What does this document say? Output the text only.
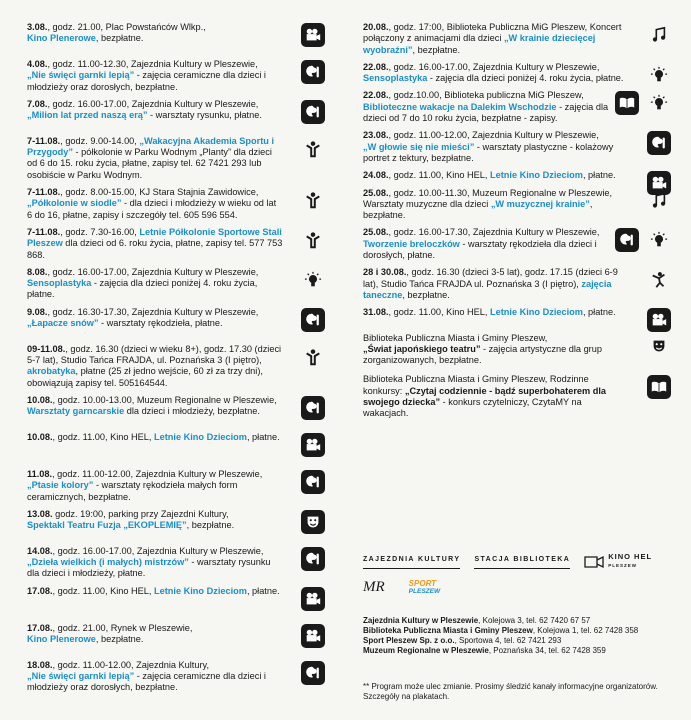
3.08., godz. 21.00, Plac Powstańców Wlkp.,
Kino Plenerowe, bezpłatne.
4.08., godz. 11.00-12.30, Zajezdnia Kultury w Pleszewie,
„Nie święci garnki lepią” - zajęcia ceramiczne dla dzieci i młodzieży oraz dorosłych, bezpłatne.
7.08., godz. 16.00-17.00, Zajezdnia Kultury w Pleszewie,
„Milion lat przed naszą erą” - warsztaty rysunku, płatne.
7-11.08., godz. 9.00-14.00, „Wakacyjna Akademia Sportu i Przygody” - półkolonie w Parku Wodnym „Planty” dla dzieci od 6 do 15. roku życia, płatne, zapisy tel. 62 7421 293 lub osobiście w Parku Wodnym.
7-11.08., godz. 8.00-15.00, KJ Stara Stajnia Zawidowice, „Półkolonie w siodle” - dla dzieci i młodzieży w wieku od lat 6 do 16, płatne, zapisy i szczegóły tel. 605 596 554.
7-11.08., godz. 7.30-16.00, Letnie Półkolonie Sportowe Stali Pleszew dla dzieci od 6. roku życia, płatne, zapisy tel. 577 753 868.
8.08., godz. 16.00-17.00, Zajezdnia Kultury w Pleszewie,
Sensoplastyka - zajęcia dla dzieci poniżej 4. roku życia, płatne.
9.08., godz. 16.30-17.30, Zajezdnia Kultury w Pleszewie,
„Łapacze snów” - warsztaty rękodzieła, płatne.
09-11.08., godz. 16.30 (dzieci w wieku 8+), godz. 17.30 (dzieci 5-7 lat), Studio Tańca FRAJDA, ul. Poznańska 3 (I piętro), akrobatyka, płatne (25 zł jedno wejście, 60 zł za trzy dni), obowiązują zapisy tel. 505164544.
10.08., godz. 10.00-13.00, Muzeum Regionalne w Pleszewie, Warsztaty garncarskie dla dzieci i młodzieży, bezpłatne.
10.08., godz. 11.00, Kino HEL, Letnie Kino Dzieciom, płatne.
11.08., godz. 11.00-12.00, Zajezdnia Kultury w Pleszewie,
„Ptasie kolory” - warsztaty rękodzieła małych form ceramicznych, bezpłatne.
13.08. godz. 19:00, parking przy Zajezdni Kultury,
Spektakl Teatru Fuzja „EKOPLEMIĘ”, bezpłatne.
14.08., godz. 16.00-17.00, Zajezdnia Kultury w Pleszewie,
„Dzieła wielkich (i małych) mistrzów” - warsztaty rysunku dla dzieci i młodzieży, płatne.
17.08., godz. 11.00, Kino HEL, Letnie Kino Dzieciom, płatne.
17.08., godz. 21.00, Rynek w Pleszewie,
Kino Plenerowe, bezpłatne.
18.08., godz. 11.00-12.00, Zajezdnia Kultury,
„Nie święci garnki lepią” - zajęcia ceramiczne dla dzieci i młodzieży oraz dorosłych, bezpłatne.
20.08., godz. 17:00, Biblioteka Publiczna MiG Pleszew, Koncert połączony z animacjami dla dzieci „W krainie dziecięcej wyobraźni”, bezpłatne.
22.08., godz. 16.00-17.00, Zajezdnia Kultury w Pleszewie,
Sensoplastyka - zajęcia dla dzieci poniżej 4. roku życia, płatne.
22.08., godz.10.00, Biblioteka publiczna MiG Pleszew,
Biblioteczne wakacje na Dalekim Wschodzie - zajęcia dla dzieci od 7 do 10 roku życia, bezpłatne - zapisy.
23.08., godz. 11.00-12.00, Zajezdnia Kultury w Pleszewie,
„W głowie się nie mieści” - warsztaty plastyczne - kolażowy portret z tektury, bezpłatne.
24.08., godz. 11.00, Kino HEL, Letnie Kino Dzieciom, płatne.
25.08., godz. 10.00-11.30, Muzeum Regionalne w Pleszewie, Warsztaty muzyczne dla dzieci „W muzycznej krainie”, bezpłatne.
25.08., godz. 16.00-17.30, Zajezdnia Kultury w Pleszewie, Tworzenie breloczków - warsztaty rękodzieła dla dzieci i dorosłych, płatne.
28 i 30.08., godz. 16.30 (dzieci 3-5 lat), godz. 17.15 (dzieci 6-9 lat), Studio Tańca FRAJDA ul. Poznańska 3 (I piętro), zajęcia taneczne, bezpłatne.
31.08., godz. 11.00, Kino HEL, Letnie Kino Dzieciom, płatne.
Biblioteka Publiczna Miasta i Gminy Pleszew,
„Świat japońskiego teatru” - zajęcia artystyczne dla grup zorganizowanych, bezpłatne.
Biblioteka Publiczna Miasta i Gminy Pleszew, Rodzinne konkursy: „Czytaj codziennie - bądź superbohaterem dla swojego dziecka” - konkurs czytelniczy, CzytaMY na wakacjach.
ZAJEZDNIA KULTURY STACJA BIBLIOTEKA	KINO HEL
PLESZEW
MR	SPORT
PLESZEW
Zajezdnia Kultury w Pleszewie, Kolejowa 3, tel. 62 7420 67 57
Biblioteka Publiczna Miasta i Gminy Pleszew, Kolejowa 1, tel. 62 7428 358
Sport Pleszew Sp. z o.o., Sportowa 4, tel. 62 7421 293
Muzeum Regionalne w Pleszewie, Poznańska 34, tel. 62 7428 359
** Program może ulec zmianie. Prosimy śledzić kanały informacyjne organizatorów. Szczegóły na plakatach.
